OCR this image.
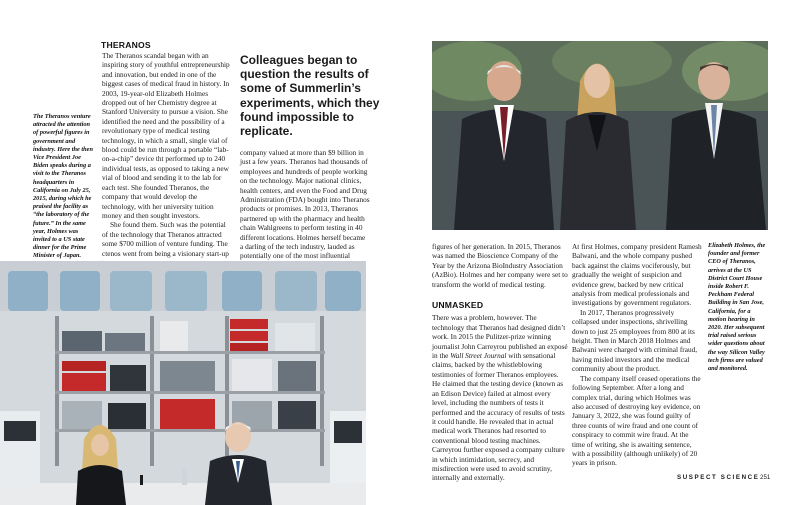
THERANOS
The Theranos venture attracted the attention of powerful figures in government and industry. Here the then Vice President Joe Biden speaks during a visit to the Theranos headquarters in California on July 25, 2015, during which he praised the facility as “the laboratory of the future.” In the same year, Holmes was invited to a US state dinner for the Prime Minister of Japan.

The Theranos scandal began with an inspiring story of youthful entrepreneurship and innovation, but ended in one of the biggest cases of medical fraud in history. In 2003, 19-year-old Elizabeth Holmes dropped out of her Chemistry degree at Stanford University to pursue a vision. She identified the need and the possibility of a revolutionary type of medical testing technology, in which a small, single vial of blood could be run through a portable “lab-on-a-chip” device tht performed up to 240 individual tests, as opposed to taking a new vial of blood and sending it to the lab for each test. She founded Theranos, the company that would develop the technology, with her university tuition money and then sought investors.

She found them. Such was the potential of the technology that Theranos attracted some $700 million of venture funding. The ctenos went from being a visionary start-up

Colleagues began to question the results of some of Summerlin’s experiments, which they found impossible to replicate.

company valued at more than $9 billion in just a few years. Theranos had thousands of employees and hundreds of people working on the technology. Major national clinics, health centers, and even the Food and Drug Administration (FDA) bought into Theranos products or promises. In 2013, Theranos partnered up with the pharmacy and health chain Wahlgreens to perform testing in 40 different locations. Holmes herself became a darling of the tech industry, lauded as potentially one of the most influential

figures of her generation. In 2015, Theranos was named the Bioscience Company of the Year by the Arizona BioIndustry Association (AzBio). Holmes and her company were set to transform the world of medical testing.

UNMASKED

There was a problem, however. The technology that Theranos had designed didn’t work. In 2015 the Pulitzer-prize winning journalist John Carreyrou published an exposé in the Wall Street Journal with sensational claims, backed by the whistleblowing testimonies of former Theranos employees. He claimed that the testing device (known as an Edison Device) failed at almost every level, including the numbers of tests it performed and the accuracy of results of tests it could handle. He revealed that in actual medical work Theranos had resorted to conventional blood testing machines. Carreyrou further exposed a company culture in which intimidation, secrecy, and misdirection were used to avoid scrutiny, internally and externally.

At first Holmes, company president Ramesh Balwani, and the whole company pushed back against the claims vociferously, but gradually the weight of suspicion and evidence grew, backed by new critical analysis from medical professionals and investigations by government regulators.

In 2017, Theranos progressively collapsed under inspections, shrivelling down to just 25 employees from 800 at its height. Then in March 2018 Holmes and Balwani were charged with criminal fraud, having misled investors and the medical community about the product.

The company itself ceased operations the following September. After a long and complex trial, during which Holmes was also accused of destroying key evidence, on January 3, 2022, she was found guilty of three counts of wire fraud and one count of conspiracy to commit wire fraud. At the time of writing, she is awaiting sentence, with a possibility (although unlikely) of 20 years in prison.

Elizabeth Holmes, the founder and former CEO of Theranos, arrives at the US District Court House inside Robert F. Peckham Federal Building in San Jose, California, for a motion hearing in 2020. Her subsequent trial raised serious wider questions about the way Silicon Valley tech firms are valued and monitored.
SUSPECT SCIENCE 251
